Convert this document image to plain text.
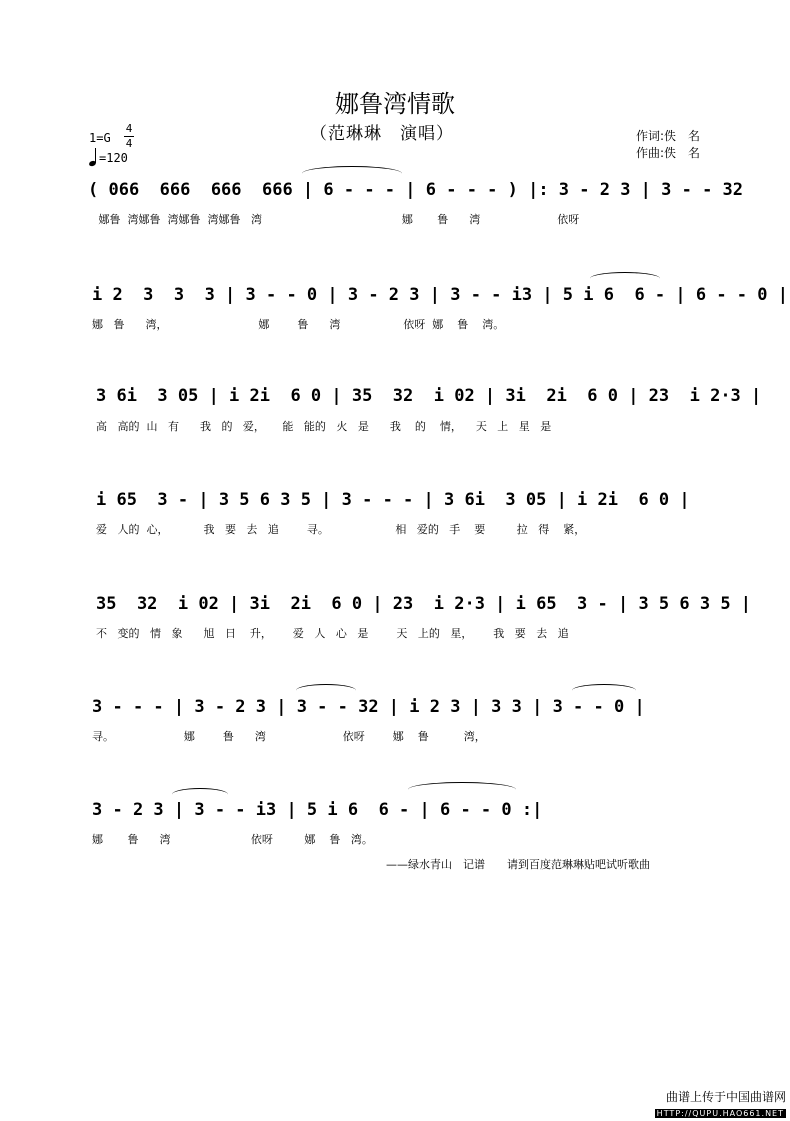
娜鲁湾情歌
（范琳琳　演唱）
1=G
4
4
=120
作词:佚　名
作曲:佚　名
( 066  666  666  666 | 6 - - - | 6 - - - ) |: 3 - 2 3 | 3 - - 32
娜鲁  湾娜鲁  湾娜鲁  湾娜鲁   湾                                        娜       鲁      湾                      依呀
i 2  3  3  3 | 3 - - 0 | 3 - 2 3 | 3 - - i3 | 5 i 6  6 - | 6 - - 0 |
娜   鲁      湾，                          娜        鲁      湾                  依呀  娜    鲁    湾。
3 6i  3 05 | i 2i  6 0 | 35  32  i 02 | 3i  2i  6 0 | 23  i 2·3 |
高   高的  山   有      我   的   爱，     能   能的   火   是      我    的    情，    天   上   星   是
i 65  3 - | 3 5 6 3 5 | 3 - - - | 3 6i  3 05 | i 2i  6 0 |
爱   人的  心，          我   要   去   追        寻。                   相   爱的   手    要         拉   得    紧，
35  32  i 02 | 3i  2i  6 0 | 23  i 2·3 | i 65  3 - | 3 5 6 3 5 |
不   变的   情   象      旭   日    升，      爱   人   心   是        天   上的   星，      我   要   去   追
3 - - - | 3 - 2 3 | 3 - - 32 | i 2 3 | 3 3 | 3 - - 0 |
寻。                    娜        鲁      湾                      依呀        娜    鲁          湾，
3 - 2 3 | 3 - - i3 | 5 i 6  6 - | 6 - - 0 :|
娜       鲁      湾                       依呀         娜    鲁   湾。
——绿水青山　记谱　　请到百度范琳琳贴吧试听歌曲
曲谱上传于中国曲谱网
HTTP://QUPU.HAO661.NET
